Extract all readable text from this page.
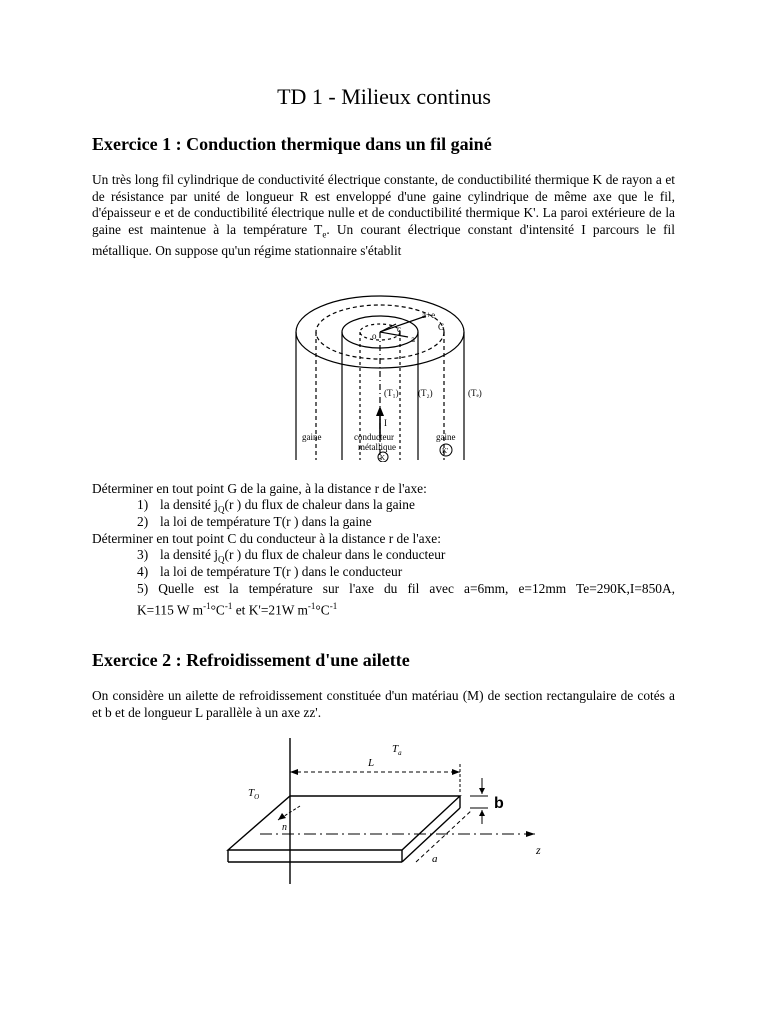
TD 1 - Milieux continus
Exercice 1 : Conduction thermique dans un fil gainé
Un très long fil cylindrique de conductivité électrique constante, de conductibilité thermique K de rayon a et de résistance par unité de longueur R est enveloppé d'une gaine cylindrique de même axe que le fil, d'épaisseur e et de conductibilité électrique nulle et de conductibilité thermique K'. La paroi extérieure de la gaine est maintenue à la température $T_e$. Un courant électrique constant d'intensité I parcours le fil métallique. On suppose qu'un régime stationnaire s'établit
o	a
c
a+e
G
(T₁) (T₂)	(Tₑ)
I
gaine	gaine
conducteur
métallique
K
K'
Déterminer en tout point G de la gaine, à la distance r de l'axe:
1) la densité $j_Q(r$ ) du flux de chaleur dans la gaine
2) la loi de température T(r ) dans la gaine
Déterminer en tout point C du conducteur à la distance r de l'axe:
3) la densité $j_Q(r$ ) du flux de chaleur dans le conducteur
4) la loi de température T(r ) dans le conducteur
5) Quelle est la température sur l'axe du fil avec a=6mm, e=12mm Te=290K,I=850A,
K=115 W $m^{-1}^\circ C^{-1}$ et K'=21W $m^{-1}^\circ C^{-1}$
Exercice 2 : Refroidissement d'une ailette
On considère un ailette de refroidissement constituée d'un matériau (M) de section rectangulaire de cotés a et b et de longueur L parallèle à un axe zz'.
$T_O$
$T_a$
L
a
z
n
b
